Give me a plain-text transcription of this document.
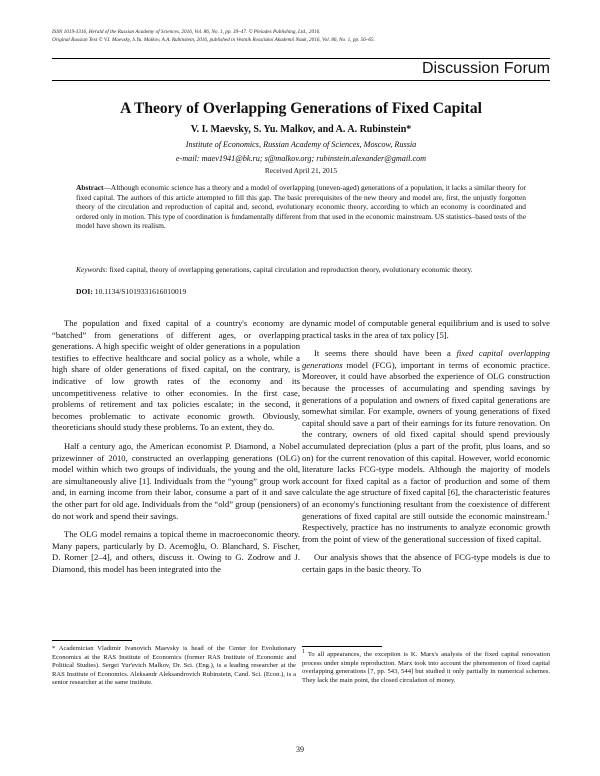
ISSN 1019-3316, Herald of the Russian Academy of Sciences, 2016, Vol. 86, No. 1, pp. 39–47. © Pleiades Publishing, Ltd., 2016.
Original Russian Text © V.I. Maevsky, S.Yu. Malkov, A.A. Rubinstein, 2016, published in Vestnik Rossiiskoi Akademii Nauk, 2016, Vol. 86, No. 1, pp. 56–65.
Discussion Forum
A Theory of Overlapping Generations of Fixed Capital
V. I. Maevsky, S. Yu. Malkov, and A. A. Rubinstein*
Institute of Economics, Russian Academy of Sciences, Moscow, Russia
e-mail: maev1941@bk.ru; s@malkov.org; rubinstein.alexander@gmail.com
Received April 21, 2015
Abstract—Although economic science has a theory and a model of overlapping (uneven-aged) generations of a population, it lacks a similar theory for fixed capital. The authors of this article attempted to fill this gap. The basic prerequisites of the new theory and model are, first, the unjustly forgotten theory of the circulation and reproduction of capital and, second, evolutionary economic theory, according to which an economy is coordinated and ordered only in motion. This type of coordination is fundamentally different from that used in the economic mainstream. US statistics–based tests of the model have shown its realism.
Keywords: fixed capital, theory of overlapping generations, capital circulation and reproduction theory, evolutionary economic theory.
DOI: 10.1134/S1019331616010019

The population and fixed capital of a country's economy are “batched” from generations of different ages, or overlapping generations. A high specific weight of older generations in a population testifies to effective healthcare and social policy as a whole, while a high share of older generations of fixed capital, on the contrary, is indicative of low growth rates of the economy and its uncompetitiveness relative to other economies. In the first case, problems of retirement and tax policies escalate; in the second, it becomes problematic to activate economic growth. Obviously, theoreticians should study these problems. To an extent, they do.

Half a century ago, the American economist P. Diamond, a Nobel prizewinner of 2010, constructed an overlapping generations (OLG) model within which two groups of individuals, the young and the old, are simultaneously alive [1]. Individuals from the “young” group work and, in earning income from their labor, consume a part of it and save the other part for old age. Individuals from the “old” group (pensioners) do not work and spend their savings.

The OLG model remains a topical theme in macroeconomic theory. Many papers, particularly by D. Acemoğlu, O. Blanchard, S. Fischer, D. Romer [2–4], and others, discuss it. Owing to G. Zodrow and J. Diamond, this model has been integrated into the

dynamic model of computable general equilibrium and is used to solve practical tasks in the area of tax policy [5].

It seems there should have been a fixed capital overlapping generations model (FCG), important in terms of economic practice. Moreover, it could have absorbed the experience of OLG construction because the processes of accumulating and spending savings by generations of a population and owners of fixed capital generations are somewhat similar. For example, owners of young generations of fixed capital should save a part of their earnings for its future renovation. On the contrary, owners of old fixed capital should spend previously accumulated depreciation (plus a part of the profit, plus loans, and so on) for the current renovation of this capital. However, world economic literature lacks FCG-type models. Although the majority of models account for fixed capital as a factor of production and some of them calculate the age structure of fixed capital [6], the characteristic features of an economy's functioning resultant from the coexistence of different generations of fixed capital are still outside the economic mainstream.$^1$ Respectively, practice has no instruments to analyze economic growth from the point of view of the generational succession of fixed capital.

Our analysis shows that the absence of FCG-type models is due to certain gaps in the basic theory. To

* Academician Vladimir Ivanovich Maevsky is head of the Center for Evolutionary Economics at the RAS Institute of Economics (former RAS Institute of Economic and Political Studies). Sergei Yur'evich Malkov, Dr. Sci. (Eng.), is a leading researcher at the RAS Institute of Economics. Aleksandr Aleksandrovich Rubinstein, Cand. Sci. (Econ.), is a senior researcher at the same institute.
1 To all appearances, the exception is K. Marx's analysis of the fixed capital renovation process under simple reproduction. Marx took into account the phenomenon of fixed capital overlapping generations [7, pp. 543, 544] but studied it only partially in numerical schemes. They lack the main point, the closed circulation of money.
39
